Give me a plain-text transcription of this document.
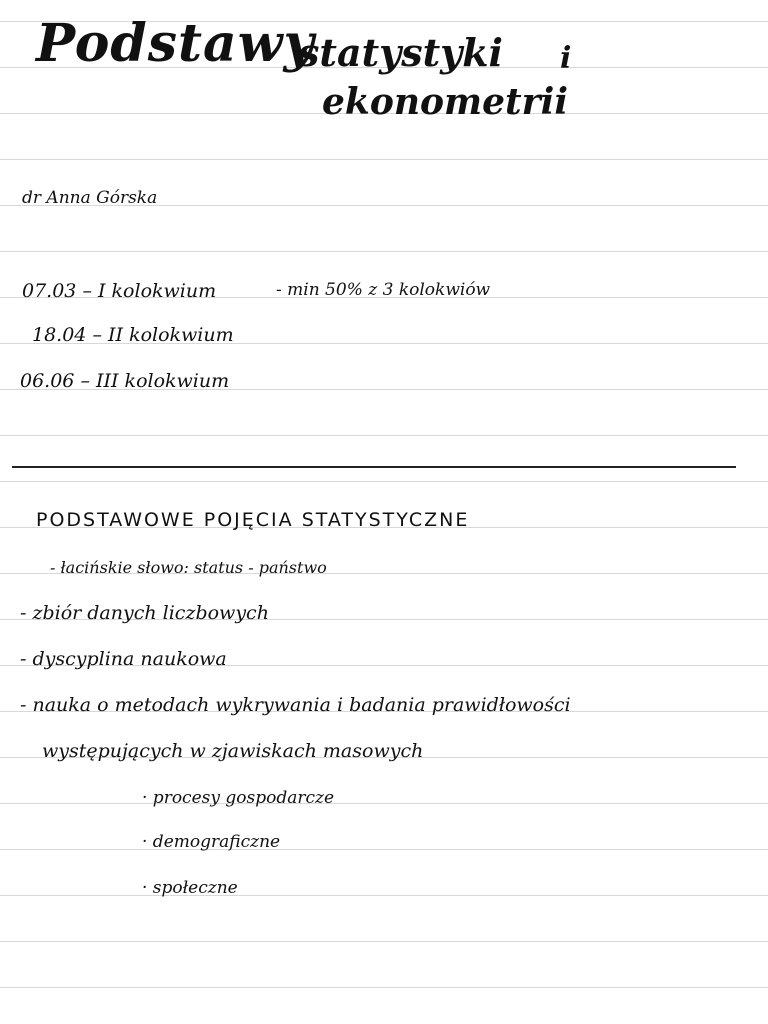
Podstawy
statystyki i
ekonometrii
dr Anna Górska
07.03 – I kolokwium	- min 50% z 3 kolokwiów
18.04 – II kolokwium
06.06 – III kolokwium
PODSTAWOWE POJĘCIA STATYSTYCZNE
- łacińskie słowo: status - państwo
- zbiór danych liczbowych
- dyscyplina naukowa
- nauka o metodach wykrywania i badania prawidłowości
występujących w zjawiskach masowych
· procesy gospodarcze
· demograficzne
· społeczne
